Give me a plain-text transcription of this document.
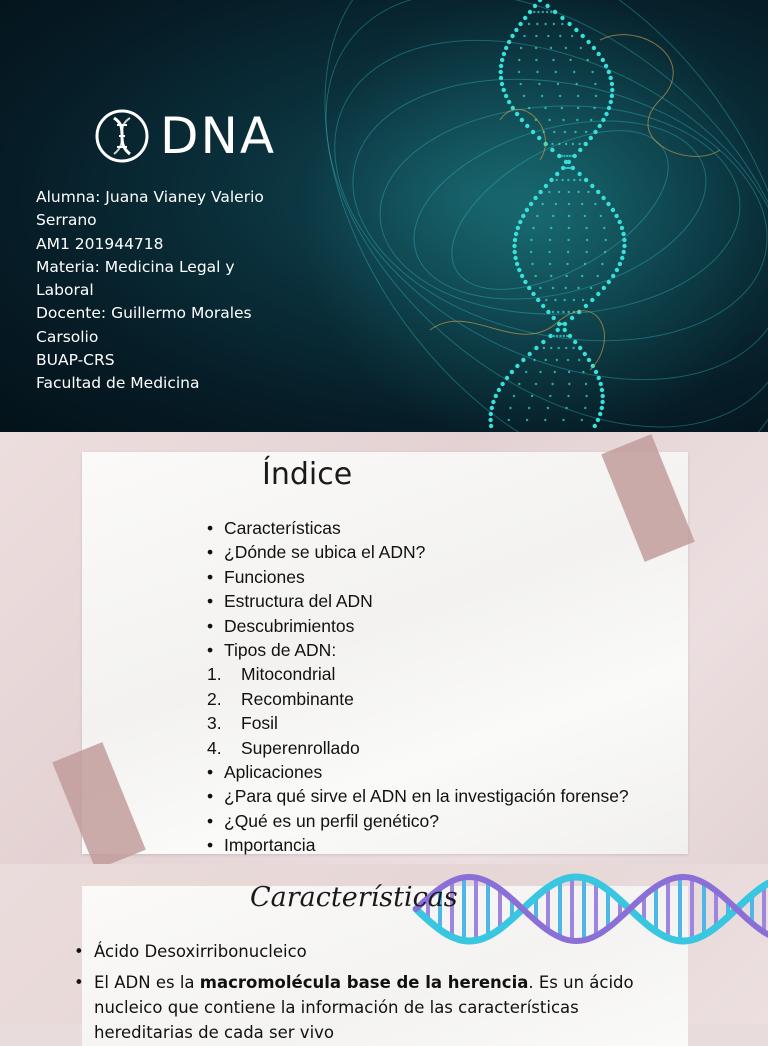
DNA
Alumna: Juana Vianey Valerio
Serrano
AM1 201944718
Materia: Medicina Legal y
Laboral
Docente: Guillermo Morales
Carsolio
BUAP-CRS
Facultad de Medicina
Índice
• Características
• ¿Dónde se ubica el ADN?
• Funciones
• Estructura del ADN
• Descubrimientos
• Tipos de ADN:
1. Mitocondrial
2. Recombinante
3. Fosil
4. Superenrollado
• Aplicaciones
• ¿Para qué sirve el ADN en la investigación forense?
• ¿Qué es un perfil genético?
• Importancia
Características
• Ácido Desoxirribonucleico
• El ADN es la macromolécula base de la herencia. Es un ácido
nucleico que contiene la información de las características
hereditarias de cada ser vivo
